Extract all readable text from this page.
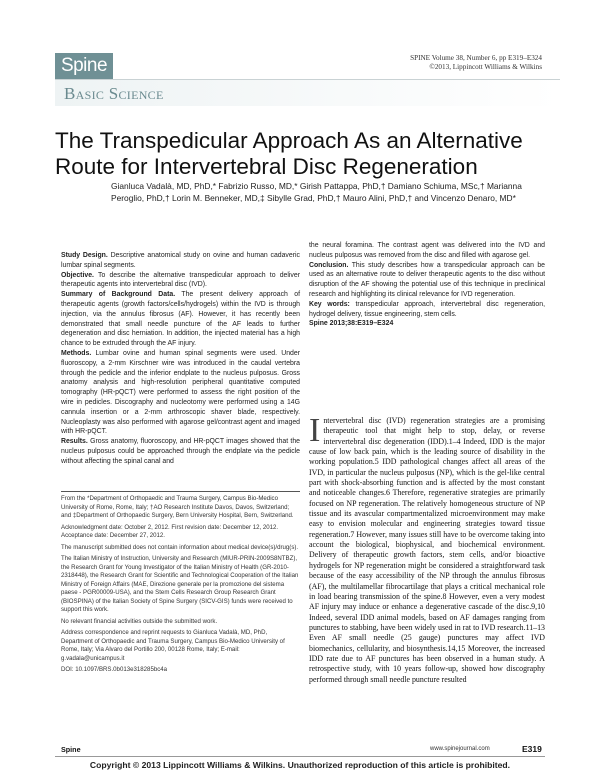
Spine
Basic Science
SPINE Volume 38, Number 6, pp E319–E324
©2013, Lippincott Williams & Wilkins
The Transpedicular Approach As an Alternative Route for Intervertebral Disc Regeneration
Gianluca Vadalà, MD, PhD,* Fabrizio Russo, MD,* Girish Pattappa, PhD,† Damiano Schiuma, MSc,† Marianna Peroglio, PhD,† Lorin M. Benneker, MD,‡ Sibylle Grad, PhD,† Mauro Alini, PhD,† and Vincenzo Denaro, MD*

Study Design. Descriptive anatomical study on ovine and human cadaveric lumbar spinal segments.

Objective. To describe the alternative transpedicular approach to deliver therapeutic agents into intervertebral disc (IVD).

Summary of Background Data. The present delivery approach of therapeutic agents (growth factors/cells/hydrogels) within the IVD is through injection, via the annulus fibrosus (AF). However, it has recently been demonstrated that small needle puncture of the AF leads to further degeneration and disc herniation. In addition, the injected material has a high chance to be extruded through the AF injury.

Methods. Lumbar ovine and human spinal segments were used. Under fluoroscopy, a 2-mm Kirschner wire was introduced in the caudal vertebra through the pedicle and the inferior endplate to the nucleus pulposus. Gross anatomy analysis and high-resolution peripheral quantitative computed tomography (HR-pQCT) were performed to assess the right position of the wire in pedicles. Discography and nucleotomy were performed using a 14G cannula insertion or a 2-mm arthroscopic shaver blade, respectively. Nucleoplasty was also performed with agarose gel/contrast agent and imaged with HR-pQCT.

Results. Gross anatomy, fluoroscopy, and HR-pQCT images showed that the nucleus pulposus could be approached through the endplate via the pedicle without affecting the spinal canal and

the neural foramina. The contrast agent was delivered into the IVD and nucleus pulposus was removed from the disc and filled with agarose gel.

Conclusion. This study describes how a transpedicular approach can be used as an alternative route to deliver therapeutic agents to the disc without disruption of the AF showing the potential use of this technique in preclinical research and highlighting its clinical relevance for IVD regeneration.

Key words: transpedicular approach, intervertebral disc regeneration, hydrogel delivery, tissue engineering, stem cells.

Spine 2013;38:E319–E324

From the *Department of Orthopaedic and Trauma Surgery, Campus Bio-Medico University of Rome, Rome, Italy; †AO Research Institute Davos, Davos, Switzerland; and ‡Department of Orthopaedic Surgery, Bern University Hospital, Bern, Switzerland.

Acknowledgment date: October 2, 2012. First revision date: December 12, 2012. Acceptance date: December 27, 2012.

The manuscript submitted does not contain information about medical device(s)/drug(s).

The Italian Ministry of Instruction, University and Research (MIUR-PRIN-2009S8NTBZ), the Research Grant for Young Investigator of the Italian Ministry of Health (GR-2010-2318448), the Research Grant for Scientific and Technological Cooperation of the Italian Ministry of Foreign Affairs (MAE, Direzione generale per la promozione del sistema paese - PGR00009-USA), and the Stem Cells Research Group Research Grant (BIOSPINA) of the Italian Society of Spine Surgery (SICV-GIS) funds were received to support this work.

No relevant financial activities outside the submitted work.

Address correspondence and reprint requests to Gianluca Vadalà, MD, PhD, Department of Orthopaedic and Trauma Surgery, Campus Bio-Medico University of Rome, Italy; Via Alvaro del Portillo 200, 00128 Rome, Italy; E-mail: g.vadala@unicampus.it

DOI: 10.1097/BRS.0b013e318285bc4a

Intervertebral disc (IVD) regeneration strategies are a promising therapeutic tool that might help to stop, delay, or reverse intervertebral disc degeneration (IDD).1–4 Indeed, IDD is the major cause of low back pain, which is the leading source of disability in the working population.5 IDD pathological changes affect all areas of the IVD, in particular the nucleus pulposus (NP), which is the gel-like central part with shock-absorbing function and is affected by the most constant and noticeable changes.6 Therefore, regenerative strategies are primarily focused on NP regeneration. The relatively homogeneous structure of NP tissue and its avascular compartmentalized microenvironment may make easy to envision molecular and engineering strategies toward tissue regeneration.7 However, many issues still have to be overcome taking into account the biological, biophysical, and biochemical environment. Delivery of therapeutic growth factors, stem cells, and/or bioactive hydrogels for NP regeneration might be considered a straightforward task because of the easy accessibility of the NP through the annulus fibrosus (AF), the multilamellar fibrocartilage that plays a critical mechanical role in load bearing transmission of the spine.8 However, even a very modest AF injury may induce or enhance a degenerative cascade of the disc.9,10 Indeed, several IDD animal models, based on AF damages ranging from punctures to stabbing, have been widely used in rat to IVD research.11–13 Even AF small needle (25 gauge) punctures may affect IVD biomechanics, cellularity, and biosynthesis.14,15 Moreover, the increased IDD rate due to AF punctures has been observed in a human study. A retrospective study, with 10 years follow-up, showed how discography performed through small needle puncture resulted
Spine	www.spinejournal.com	E319
Copyright © 2013 Lippincott Williams & Wilkins. Unauthorized reproduction of this article is prohibited.
